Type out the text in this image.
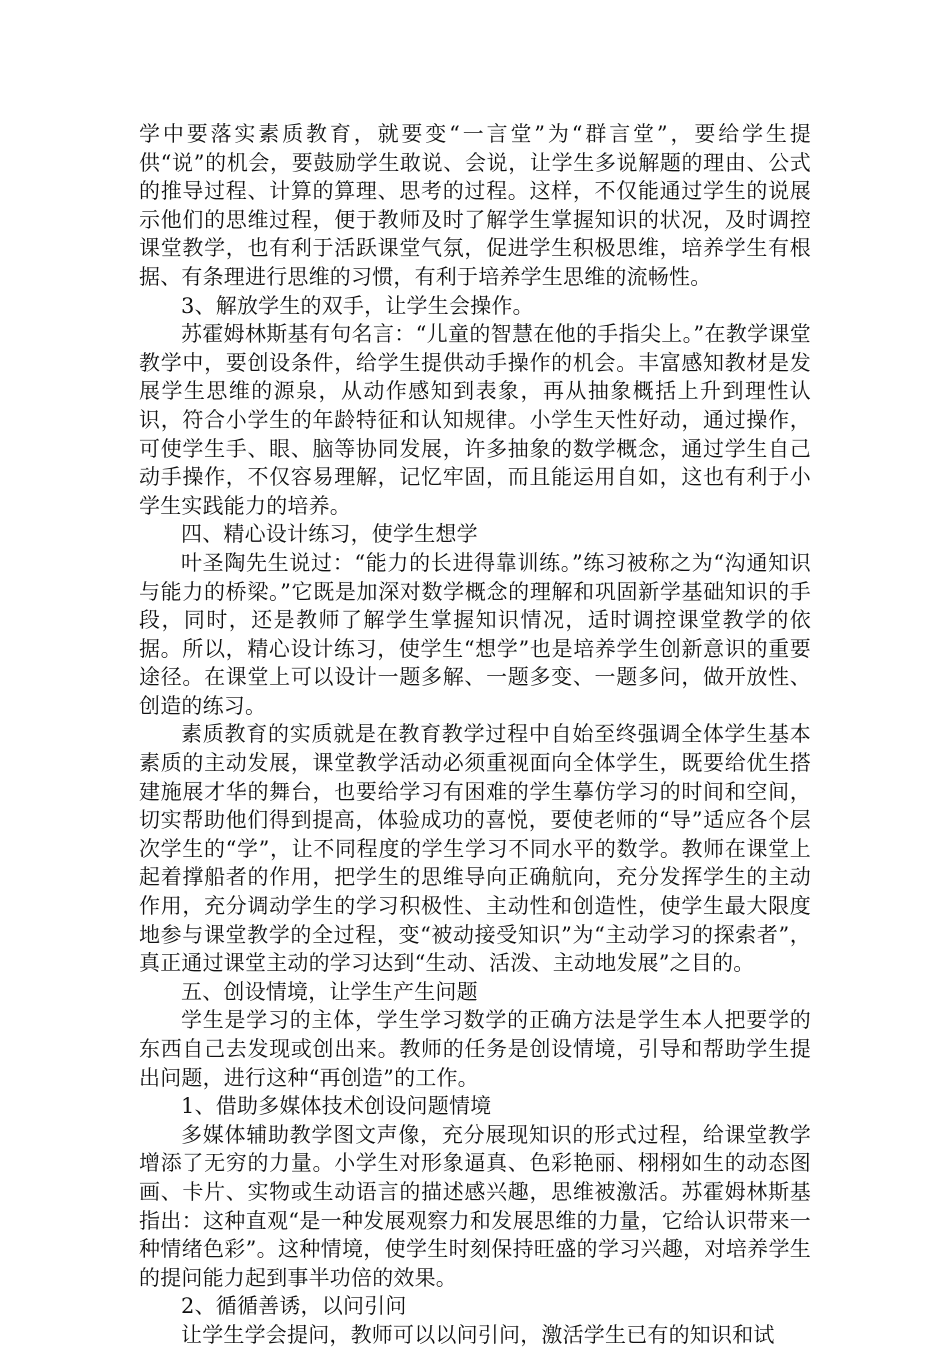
学中要落实素质教育，就要变“一言堂”为“群言堂”，要给学生提供“说”的机会，要鼓励学生敢说、会说，让学生多说解题的理由、公式的推导过程、计算的算理、思考的过程。这样，不仅能通过学生的说展示他们的思维过程，便于教师及时了解学生掌握知识的状况，及时调控课堂教学，也有利于活跃课堂气氛，促进学生积极思维，培养学生有根据、有条理进行思维的习惯，有利于培养学生思维的流畅性。

3、解放学生的双手，让学生会操作。

苏霍姆林斯基有句名言：“儿童的智慧在他的手指尖上。”在教学课堂教学中，要创设条件，给学生提供动手操作的机会。丰富感知教材是发展学生思维的源泉，从动作感知到表象，再从抽象概括上升到理性认识，符合小学生的年龄特征和认知规律。小学生天性好动，通过操作，可使学生手、眼、脑等协同发展，许多抽象的数学概念，通过学生自己动手操作，不仅容易理解，记忆牢固，而且能运用自如，这也有利于小学生实践能力的培养。

四、精心设计练习，使学生想学

叶圣陶先生说过：“能力的长进得靠训练。”练习被称之为“沟通知识与能力的桥梁。”它既是加深对数学概念的理解和巩固新学基础知识的手段，同时，还是教师了解学生掌握知识情况，适时调控课堂教学的依据。所以，精心设计练习，使学生“想学”也是培养学生创新意识的重要途径。在课堂上可以设计一题多解、一题多变、一题多问，做开放性、创造的练习。

素质教育的实质就是在教育教学过程中自始至终强调全体学生基本素质的主动发展，课堂教学活动必须重视面向全体学生，既要给优生搭建施展才华的舞台，也要给学习有困难的学生摹仿学习的时间和空间， 切实帮助他们得到提高，体验成功的喜悦，要使老师的“导”适应各个层次学生的“学”，让不同程度的学生学习不同水平的数学。教师在课堂上起着撑船者的作用，把学生的思维导向正确航向，充分发挥学生的主动作用，充分调动学生的学习积极性、主动性和创造性，使学生最大限度地参与课堂教学的全过程，变“被动接受知识”为“主动学习的探索者”，真正通过课堂主动的学习达到“生动、活泼、主动地发展”之目的。

五、创设情境，让学生产生问题

学生是学习的主体，学生学习数学的正确方法是学生本人把要学的东西自己去发现或创出来。教师的任务是创设情境，引导和帮助学生提出问题，进行这种“再创造”的工作。

1、借助多媒体技术创设问题情境

多媒体辅助教学图文声像，充分展现知识的形式过程，给课堂教学增添了无穷的力量。小学生对形象逼真、色彩艳丽、栩栩如生的动态图画、卡片、实物或生动语言的描述感兴趣，思维被激活。苏霍姆林斯基指出：这种直观“是一种发展观察力和发展思维的力量，它给认识带来一种情绪色彩”。这种情境，使学生时刻保持旺盛的学习兴趣，对培养学生的提问能力起到事半功倍的效果。

2、循循善诱，以问引问

让学生学会提问，教师可以以问引问，激活学生已有的知识和试
